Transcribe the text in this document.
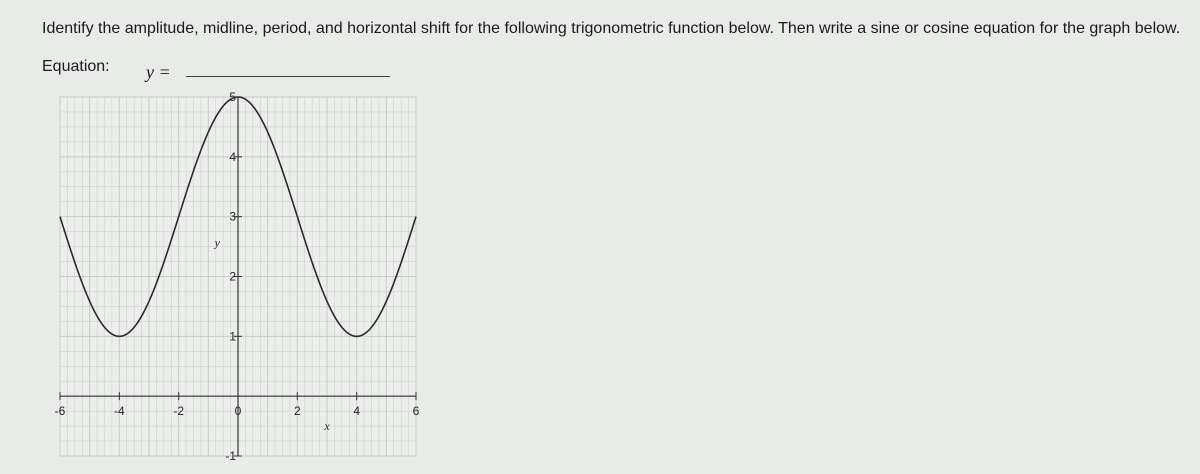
Identify the amplitude, midline, period, and horizontal shift for the following trigonometric function below. Then write a sine or cosine equation for the graph below.
Equation: y =
-6	-4	-2	0	2	4	6
-1
1
2
3
4
5
x
y
